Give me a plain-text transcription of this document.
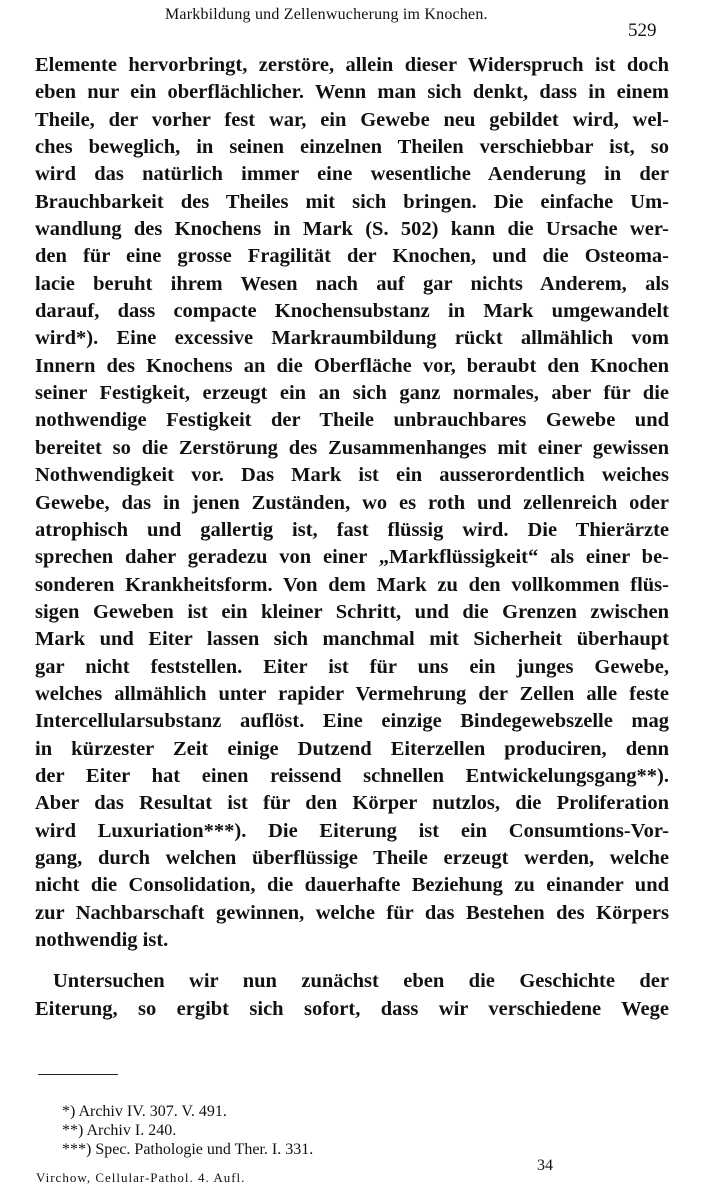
Markbildung und Zellenwucherung im Knochen.
529
Elemente hervorbringt, zerstöre, allein dieser Widerspruch ist doch
eben nur ein oberflächlicher. Wenn man sich denkt, dass in einem
Theile, der vorher fest war, ein Gewebe neu gebildet wird, wel-
ches beweglich, in seinen einzelnen Theilen verschiebbar ist, so
wird das natürlich immer eine wesentliche Aenderung in der
Brauchbarkeit des Theiles mit sich bringen. Die einfache Um-
wandlung des Knochens in Mark (S. 502) kann die Ursache wer-
den für eine grosse Fragilität der Knochen, und die Osteoma-
lacie beruht ihrem Wesen nach auf gar nichts Anderem, als
darauf, dass compacte Knochensubstanz in Mark umgewandelt
wird*). Eine excessive Markraumbildung rückt allmählich vom
Innern des Knochens an die Oberfläche vor, beraubt den Knochen
seiner Festigkeit, erzeugt ein an sich ganz normales, aber für die
nothwendige Festigkeit der Theile unbrauchbares Gewebe und
bereitet so die Zerstörung des Zusammenhanges mit einer gewissen
Nothwendigkeit vor. Das Mark ist ein ausserordentlich weiches
Gewebe, das in jenen Zuständen, wo es roth und zellenreich oder
atrophisch und gallertig ist, fast flüssig wird. Die Thierärzte
sprechen daher geradezu von einer „Markflüssigkeit“ als einer be-
sonderen Krankheitsform. Von dem Mark zu den vollkommen flüs-
sigen Geweben ist ein kleiner Schritt, und die Grenzen zwischen
Mark und Eiter lassen sich manchmal mit Sicherheit überhaupt
gar nicht feststellen. Eiter ist für uns ein junges Gewebe,
welches allmählich unter rapider Vermehrung der Zellen alle feste
Intercellularsubstanz auflöst. Eine einzige Bindegewebszelle mag
in kürzester Zeit einige Dutzend Eiterzellen produciren, denn
der Eiter hat einen reissend schnellen Entwickelungsgang**).
Aber das Resultat ist für den Körper nutzlos, die Proliferation
wird Luxuriation***). Die Eiterung ist ein Consumtions-Vor-
gang, durch welchen überflüssige Theile erzeugt werden, welche
nicht die Consolidation, die dauerhafte Beziehung zu einander und
zur Nachbarschaft gewinnen, welche für das Bestehen des Körpers
nothwendig ist.
Untersuchen wir nun zunächst eben die Geschichte der
Eiterung, so ergibt sich sofort, dass wir verschiedene Wege
*) Archiv IV. 307. V. 491.
**) Archiv I. 240.
***) Spec. Pathologie und Ther. I. 331.
Virchow, Cellular-Pathol. 4. Aufl.
34
